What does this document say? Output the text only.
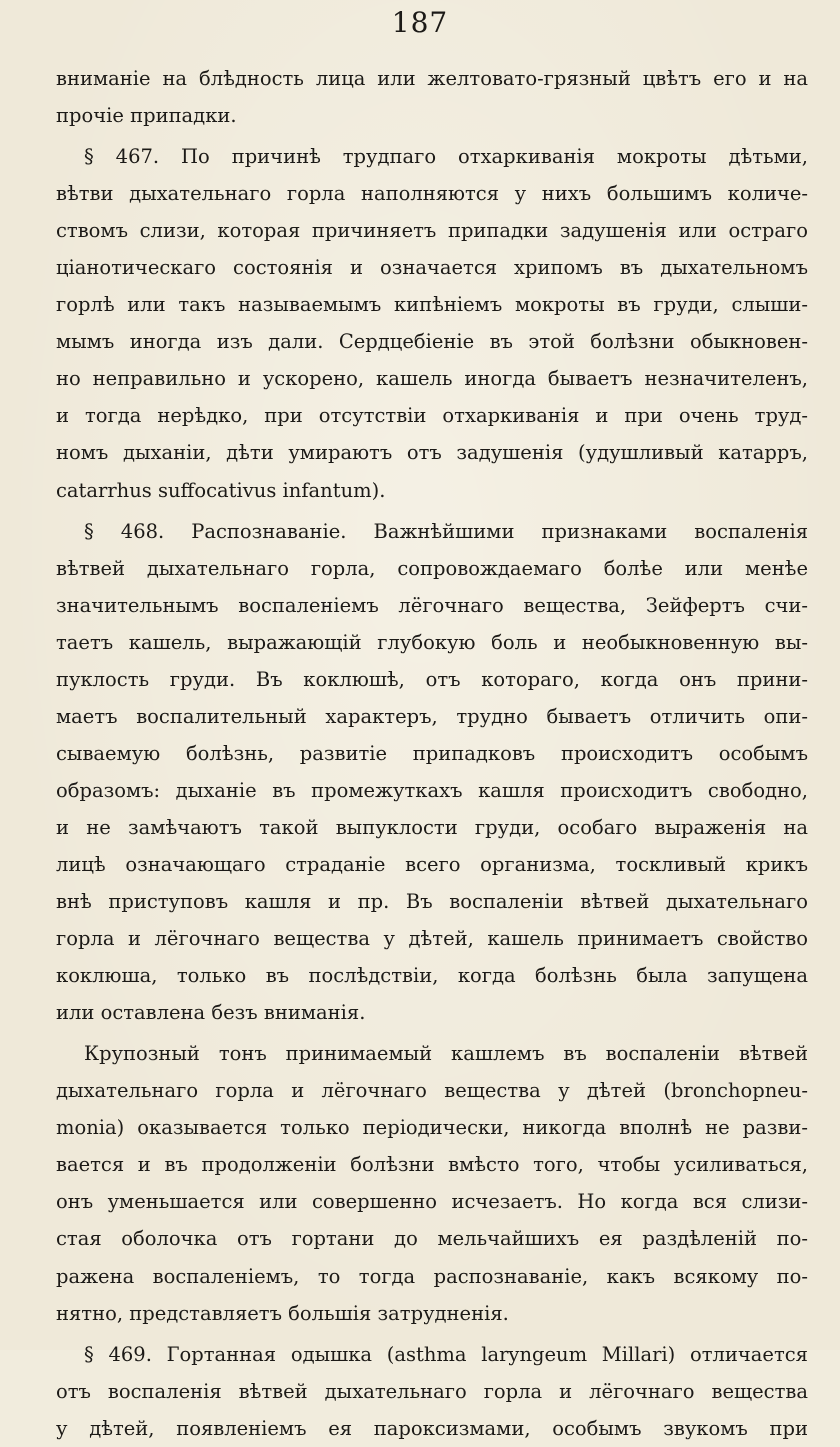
187
вниманіе на блѣдность лица или желтовато-грязный цвѣтъ его и на
прочіе припадки.
§ 467. По причинѣ трудпаго отхаркиванія мокроты дѣтьми,
вѣтви дыхательнаго горла наполняются у нихъ большимъ количе-
ствомъ слизи, которая причиняетъ припадки задушенія или остраго
ціанотическаго состоянія и означается хрипомъ въ дыхательномъ
горлѣ или такъ называемымъ кипѣніемъ мокроты въ груди, слыши-
мымъ иногда изъ дали. Сердцебіеніе въ этой болѣзни обыкновен-
но неправильно и ускорено, кашель иногда бываетъ незначителенъ,
и тогда нерѣдко, при отсутствіи отхаркиванія и при очень труд-
номъ дыханіи, дѣти умираютъ отъ задушенія (удушливый катарръ,
catarrhus suffocativus infantum).
§ 468. Распознаваніе. Важнѣйшими признаками воспаленія
вѣтвей дыхательнаго горла, сопровождаемаго болѣе или менѣе
значительнымъ воспаленіемъ лёгочнаго вещества, Зейфертъ счи-
таетъ кашель, выражающій глубокую боль и необыкновенную вы-
пуклость груди. Въ коклюшѣ, отъ котораго, когда онъ прини-
маетъ воспалительный характеръ, трудно бываетъ отличить опи-
сываемую болѣзнь, развитіе припадковъ происходитъ особымъ
образомъ: дыханіе въ промежуткахъ кашля происходитъ свободно,
и не замѣчаютъ такой выпуклости груди, особаго выраженія на
лицѣ означающаго страданіе всего организма, тоскливый крикъ
внѣ приступовъ кашля и пр. Въ воспаленіи вѣтвей дыхательнаго
горла и лёгочнаго вещества у дѣтей, кашель принимаетъ свойство
коклюша, только въ послѣдствіи, когда болѣзнь была запущена
или оставлена безъ вниманія.
Крупозный тонъ принимаемый кашлемъ въ воспаленіи вѣтвей
дыхательнаго горла и лёгочнаго вещества у дѣтей (bronchopneu-
monia) оказывается только періодически, никогда вполнѣ не разви-
вается и въ продолженіи болѣзни вмѣсто того, чтобы усиливаться,
онъ уменьшается или совершенно исчезаетъ. Но когда вся слизи-
стая оболочка отъ гортани до мельчайшихъ ея раздѣленій по-
ражена воспаленіемъ, то тогда распознаваніе, какъ всякому по-
нятно, представляетъ большія затрудненія.
§ 469. Гортанная одышка (asthma laryngeum Millari) отличается
отъ воспаленія вѣтвей дыхательнаго горла и лёгочнаго вещества
у дѣтей, появленіемъ ея пароксизмами, особымъ звукомъ при
